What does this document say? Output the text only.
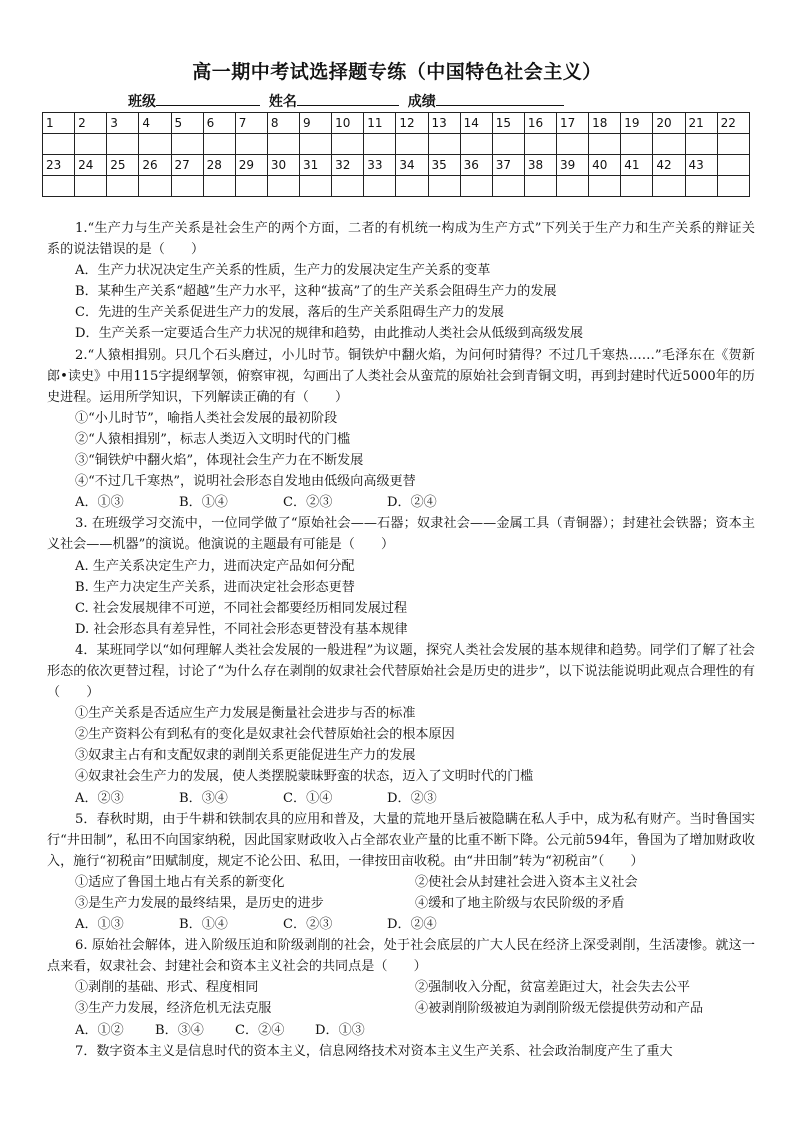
高一期中考试选择题专练（中国特色社会主义）
班级	姓名	成绩
1	2	3	4	5	6	7	8	9	10	11	12	13	14	15	16	17	18	19	20	21	22

23	24	25	26	27	28	29	30	31	32	33	34	35	36	37	38	39	40	41	42	43	

1.“生产力与生产关系是社会生产的两个方面，二者的有机统一构成为生产方式”下列关于生产力和生产关系的辩证关系的说法错误的是（　　）

A．生产力状况决定生产关系的性质，生产力的发展决定生产关系的变革

B．某种生产关系“超越”生产力水平，这种“拔高”了的生产关系会阻碍生产力的发展

C．先进的生产关系促进生产力的发展，落后的生产关系阻碍生产力的发展

D．生产关系一定要适合生产力状况的规律和趋势，由此推动人类社会从低级到高级发展

2.“人猿相揖别。只几个石头磨过，小儿时节。铜铁炉中翻火焰，为问何时猜得？不过几千寒热……”毛泽东在《贺新郎•读史》中用115字提纲挈领，俯察审视，勾画出了人类社会从蛮荒的原始社会到青铜文明，再到封建时代近5000年的历史进程。运用所学知识，下列解读正确的有（　　）

①“小儿时节”，喻指人类社会发展的最初阶段

②“人猿相揖别”，标志人类迈入文明时代的门槛

③“铜铁炉中翻火焰”，体现社会生产力在不断发展

④“不过几千寒热”，说明社会形态自发地由低级向高级更替

A．①③	B．①④	C．②③	D．②④

3. 在班级学习交流中，一位同学做了“原始社会——石器；奴隶社会——金属工具（青铜器）；封建社会铁器；资本主义社会——机器”的演说。他演说的主题最有可能是（　　）

A. 生产关系决定生产力，进而决定产品如何分配

B. 生产力决定生产关系，进而决定社会形态更替

C. 社会发展规律不可逆，不同社会都要经历相同发展过程

D. 社会形态具有差异性，不同社会形态更替没有基本规律

4．某班同学以“如何理解人类社会发展的一般进程”为议题，探究人类社会发展的基本规律和趋势。同学们了解了社会形态的依次更替过程，讨论了“为什么存在剥削的奴隶社会代替原始社会是历史的进步”，以下说法能说明此观点合理性的有（　　）

①生产关系是否适应生产力发展是衡量社会进步与否的标准

②生产资料公有到私有的变化是奴隶社会代替原始社会的根本原因

③奴隶主占有和支配奴隶的剥削关系更能促进生产力的发展

④奴隶社会生产力的发展，使人类摆脱蒙昧野蛮的状态，迈入了文明时代的门槛

A．②③	B．③④	C．①④	D．②③

5．春秋时期，由于牛耕和铁制农具的应用和普及，大量的荒地开垦后被隐瞒在私人手中，成为私有财产。当时鲁国实行“井田制”，私田不向国家纳税，因此国家财政收入占全部农业产量的比重不断下降。公元前594年，鲁国为了增加财政收入，施行“初税亩”田赋制度，规定不论公田、私田，一律按田亩收税。由“井田制”转为“初税亩”（　　）

①适应了鲁国土地占有关系的新变化	②使社会从封建社会进入资本主义社会

③是生产力发展的最终结果，是历史的进步	④缓和了地主阶级与农民阶级的矛盾

A．①③	B．①④	C．②③	D．②④

6. 原始社会解体，进入阶级压迫和阶级剥削的社会，处于社会底层的广大人民在经济上深受剥削，生活凄惨。就这一点来看，奴隶社会、封建社会和资本主义社会的共同点是（　　）

①剥削的基础、形式、程度相同	②强制收入分配，贫富差距过大，社会失去公平

③生产力发展，经济危机无法克服	④被剥削阶级被迫为剥削阶级无偿提供劳动和产品

A．①② B．③④ C．②④ D．①③

7．数字资本主义是信息时代的资本主义，信息网络技术对资本主义生产关系、社会政治制度产生了重大
